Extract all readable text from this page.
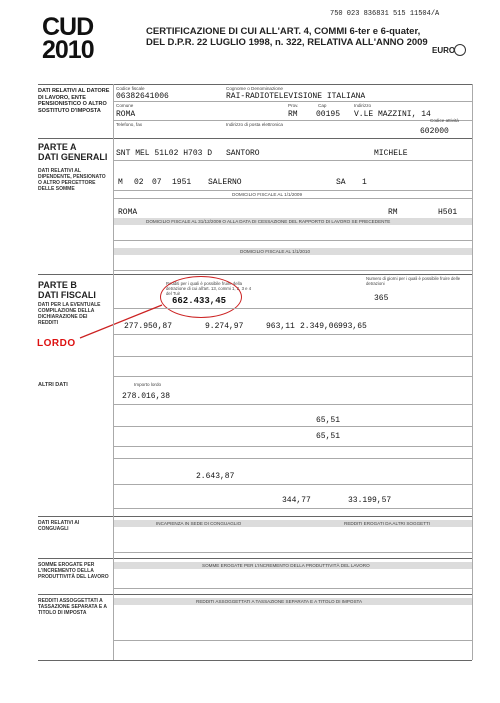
CUD
2010
750 023 836831 515 11504/A
CERTIFICAZIONE DI CUI ALL'ART. 4, COMMI 6-ter e 6-quater,
DEL D.P.R. 22 LUGLIO 1998, n. 322, RELATIVA ALL'ANNO 2009
EURO
DATI RELATIVI AL DATORE DI LAVORO, ENTE PENSIONISTICO O ALTRO SOSTITUTO D'IMPOSTA
Codice fiscale
06382641006
Cognome o Denominazione
RAI-RADIOTELEVISIONE ITALIANA
Comune
ROMA
Prov.
RM
Cap
00195
Indirizzo
V.LE MAZZINI, 14
Telefono, fax	Indirizzo di posta elettronica
Codice attività
602000
PARTE A
DATI GENERALI
DATI RELATIVI AL DIPENDENTE, PENSIONATO O ALTRO PERCETTORE DELLE SOMME
SNT MEL 51L02 H703 D SANTORO	MICHELE
M 02 07 1951 SALERNO	SA 1
DOMICILIO FISCALE AL 1/1/2009
ROMA	RM	H501
DOMICILIO FISCALE AL 31/12/2009 O ALLA DATA DI CESSAZIONE DEL RAPPORTO DI LAVORO SE PRECEDENTE
DOMICILIO FISCALE AL 1/1/2010
PARTE B
DATI FISCALI
DATI PER LA EVENTUALE COMPILAZIONE DELLA DICHIARAZIONE DEI REDDITI
Redditi per i quali è possibile fruire della detrazione di cui all'art. 13, commi 1, 2, 3 e 4 del Tuir
662.433,45
Numero di giorni per i quali è possibile fruire delle detrazioni
365
277.950,87	9.274,97	963,11 2.349,06 993,65
LORDO
ALTRI DATI	Importo lordo
278.016,38
65,51
65,51
2.643,87
344,77	33.199,57
DATI RELATIVI AI CONGUAGLI
INCAPIENZA IN SEDE DI CONGUAGLIO	REDDITI EROGATI DA ALTRI SOGGETTI
SOMME EROGATE PER L'INCREMENTO DELLA PRODUTTIVITÀ DEL LAVORO
SOMME EROGATE PER L'INCREMENTO DELLA PRODUTTIVITÀ DEL LAVORO
REDDITI ASSOGGETTATI A TASSAZIONE SEPARATA E A TITOLO DI IMPOSTA
REDDITI ASSOGGETTATI A TASSAZIONE SEPARATA E A TITOLO DI IMPOSTA
